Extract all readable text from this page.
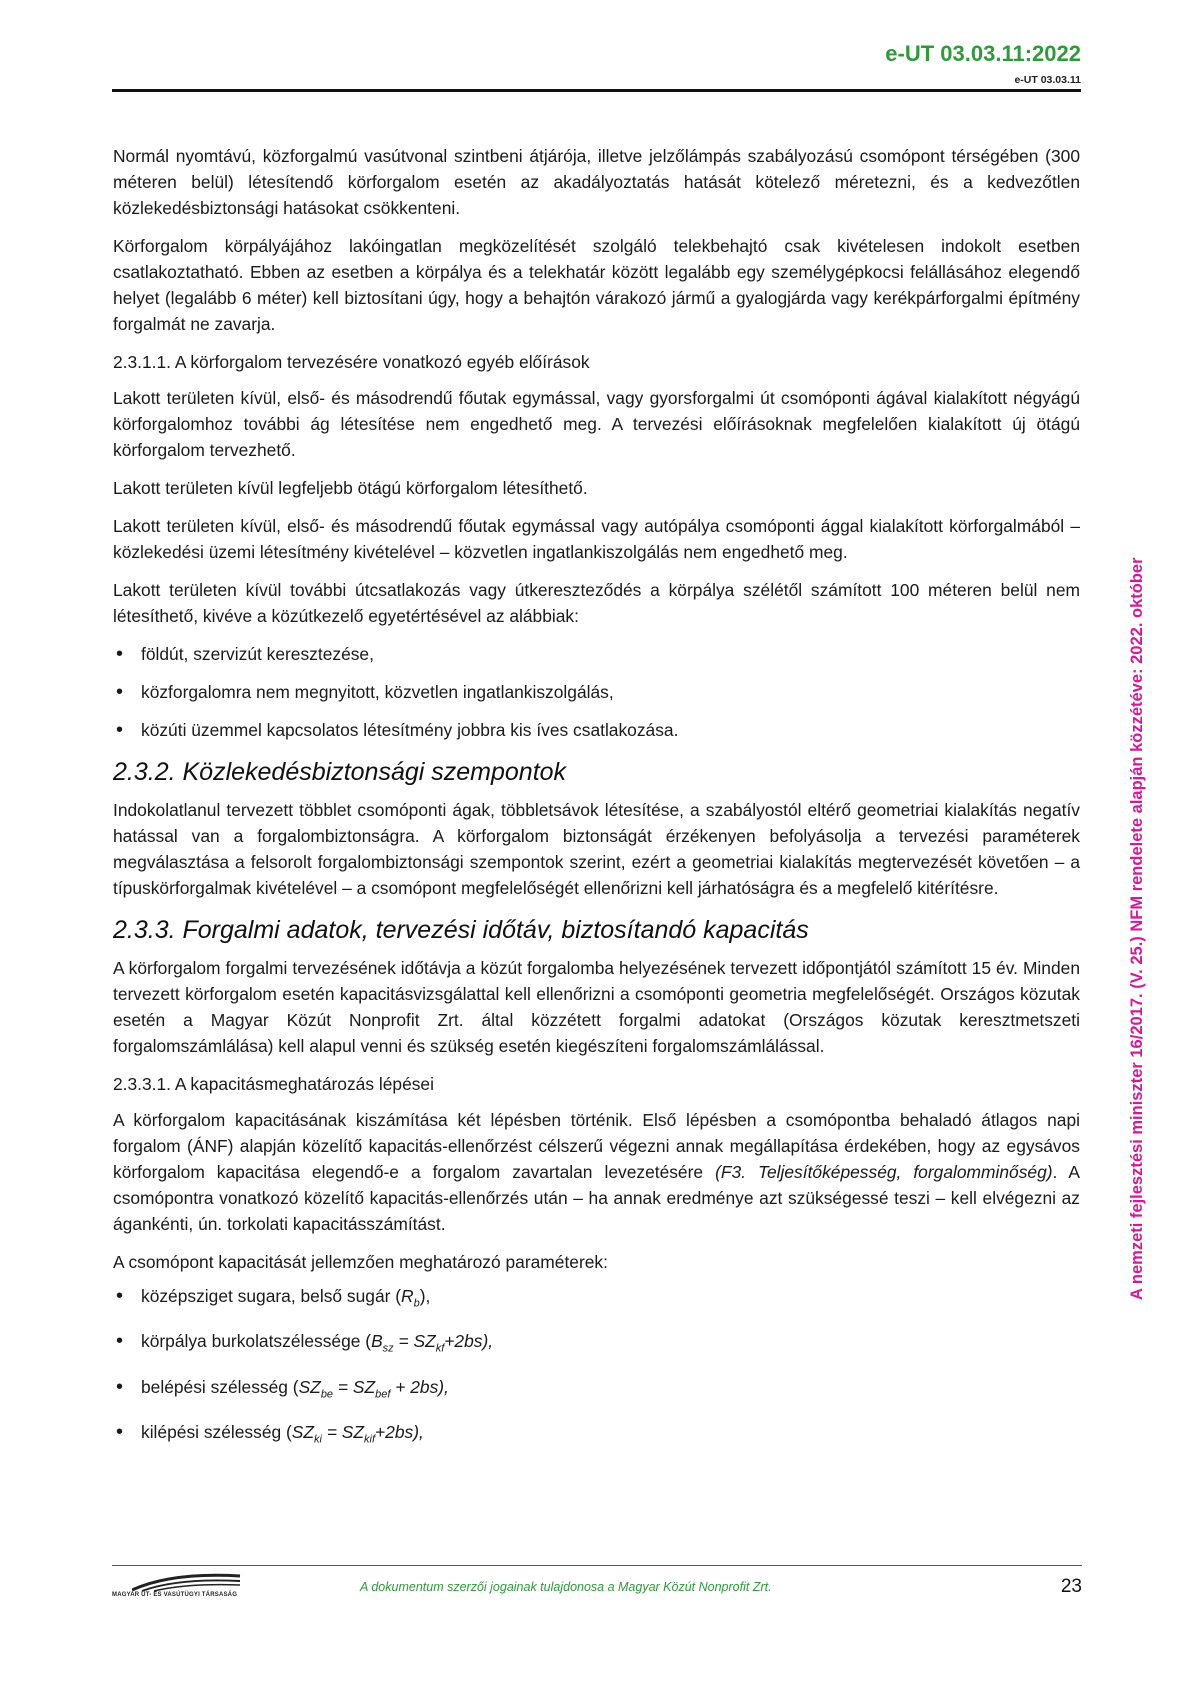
e-UT 03.03.11:2022
e-UT 03.03.11
A nemzeti fejlesztési miniszter 16/2017. (V. 25.) NFM rendelete alapján közzétéve: 2022. október

Normál nyomtávú, közforgalmú vasútvonal szintbeni átjárója, illetve jelzőlámpás szabályozású csomópont térségében (300 méteren belül) létesítendő körforgalom esetén az akadályoztatás hatását kötelező méretezni, és a kedvezőtlen közlekedésbiztonsági hatásokat csökkenteni.

Körforgalom körpályájához lakóingatlan megközelítését szolgáló telekbehajtó csak kivételesen indokolt esetben csatlakoztatható. Ebben az esetben a körpálya és a telekhatár között legalább egy személygépkocsi felállásához elegendő helyet (legalább 6 méter) kell biztosítani úgy, hogy a behajtón várakozó jármű a gyalogjárda vagy kerékpárforgalmi építmény forgalmát ne zavarja.

2.3.1.1. A körforgalom tervezésére vonatkozó egyéb előírások

Lakott területen kívül, első- és másodrendű főutak egymással, vagy gyorsforgalmi út csomóponti ágával kialakított négyágú körforgalomhoz további ág létesítése nem engedhető meg. A tervezési előírásoknak megfelelően kialakított új ötágú körforgalom tervezhető.

Lakott területen kívül legfeljebb ötágú körforgalom létesíthető.

Lakott területen kívül, első- és másodrendű főutak egymással vagy autópálya csomóponti ággal kialakított körforgalmából – közlekedési üzemi létesítmény kivételével – közvetlen ingatlankiszolgálás nem engedhető meg.

Lakott területen kívül további útcsatlakozás vagy útkereszteződés a körpálya szélétől számított 100 méteren belül nem létesíthető, kivéve a közútkezelő egyetértésével az alábbiak:

• földút, szervizút keresztezése,
• közforgalomra nem megnyitott, közvetlen ingatlankiszolgálás,
• közúti üzemmel kapcsolatos létesítmény jobbra kis íves csatlakozása.
2.3.2. Közlekedésbiztonsági szempontok

Indokolatlanul tervezett többlet csomóponti ágak, többletsávok létesítése, a szabályostól eltérő geometriai kialakítás negatív hatással van a forgalombiztonságra. A körforgalom biztonságát érzékenyen befolyásolja a tervezési paraméterek megválasztása a felsorolt forgalombiztonsági szempontok szerint, ezért a geometriai kialakítás megtervezését követően – a típuskörforgalmak kivételével – a csomópont megfelelőségét ellenőrizni kell járhatóságra és a megfelelő kitérítésre.

2.3.3. Forgalmi adatok, tervezési időtáv, biztosítandó kapacitás

A körforgalom forgalmi tervezésének időtávja a közút forgalomba helyezésének tervezett időpontjától számított 15 év. Minden tervezett körforgalom esetén kapacitásvizsgálattal kell ellenőrizni a csomóponti geometria megfelelőségét. Országos közutak esetén a Magyar Közút Nonprofit Zrt. által közzétett forgalmi adatokat (Országos közutak keresztmetszeti forgalomszámlálása) kell alapul venni és szükség esetén kiegészíteni forgalomszámlálással.

2.3.3.1. A kapacitásmeghatározás lépései

A körforgalom kapacitásának kiszámítása két lépésben történik. Első lépésben a csomópontba behaladó átlagos napi forgalom (ÁNF) alapján közelítő kapacitás-ellenőrzést célszerű végezni annak megállapítása érdekében, hogy az egysávos körforgalom kapacitása elegendő-e a forgalom zavartalan levezetésére (F3. Teljesítőképesség, forgalomminőség). A csomópontra vonatkozó közelítő kapacitás-ellenőrzés után – ha annak eredménye azt szükségessé teszi – kell elvégezni az ágankénti, ún. torkolati kapacitásszámítást.

A csomópont kapacitását jellemzően meghatározó paraméterek:

• középsziget sugara, belső sugár $(R_b)$,
• körpálya burkolatszélessége $(B_{sz} = SZ_{kf}+2bs)$,
• belépési szélesség $(SZ_{be} = SZ_{bef} + 2bs)$,
• kilépési szélesség $(SZ_{ki} = SZ_{kif}+2bs)$,
MAGYAR ÚT- ÉS VASÚTÜGYI TÁRSASÁG
A dokumentum szerzői jogainak tulajdonosa a Magyar Közút Nonprofit Zrt.	23
